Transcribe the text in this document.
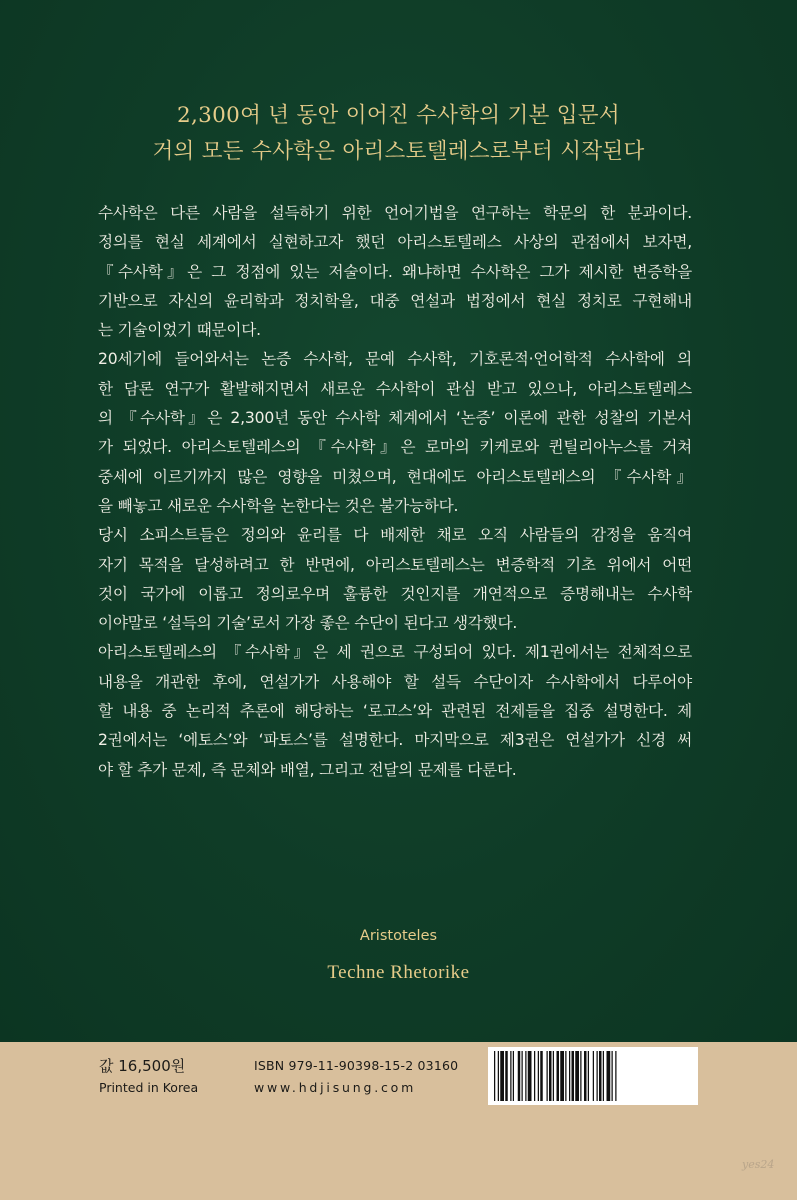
2,300여 년 동안 이어진 수사학의 기본 입문서
거의 모든 수사학은 아리스토텔레스로부터 시작된다
수사학은 다른 사람을 설득하기 위한 언어기법을 연구하는 학문의 한 분과이다.
정의를 현실 세계에서 실현하고자 했던 아리스토텔레스 사상의 관점에서 보자면,
『수사학』은 그 정점에 있는 저술이다. 왜냐하면 수사학은 그가 제시한 변증학을
기반으로 자신의 윤리학과 정치학을, 대중 연설과 법정에서 현실 정치로 구현해내
는 기술이었기 때문이다.
20세기에 들어와서는 논증 수사학, 문예 수사학, 기호론적·언어학적 수사학에 의
한 담론 연구가 활발해지면서 새로운 수사학이 관심 받고 있으나, 아리스토텔레스
의 『수사학』은 2,300년 동안 수사학 체계에서 ‘논증’ 이론에 관한 성찰의 기본서
가 되었다. 아리스토텔레스의 『수사학』은 로마의 키케로와 퀸틸리아누스를 거쳐
중세에 이르기까지 많은 영향을 미쳤으며, 현대에도 아리스토텔레스의 『수사학』
을 빼놓고 새로운 수사학을 논한다는 것은 불가능하다.
당시 소피스트들은 정의와 윤리를 다 배제한 채로 오직 사람들의 감정을 움직여
자기 목적을 달성하려고 한 반면에, 아리스토텔레스는 변증학적 기초 위에서 어떤
것이 국가에 이롭고 정의로우며 훌륭한 것인지를 개연적으로 증명해내는 수사학
이야말로 ‘설득의 기술’로서 가장 좋은 수단이 된다고 생각했다.
아리스토텔레스의 『수사학』은 세 권으로 구성되어 있다. 제1권에서는 전체적으로
내용을 개관한 후에, 연설가가 사용해야 할 설득 수단이자 수사학에서 다루어야
할 내용 중 논리적 추론에 해당하는 ‘로고스’와 관련된 전제들을 집중 설명한다. 제
2권에서는 ‘에토스’와 ‘파토스’를 설명한다. 마지막으로 제3권은 연설가가 신경 써
야 할 추가 문제, 즉 문체와 배열, 그리고 전달의 문제를 다룬다.
Aristoteles
Techne Rhetorike
값 16,500원
Printed in Korea
ISBN 979-11-90398-15-2 03160
www.hdjisung.com
yes24
